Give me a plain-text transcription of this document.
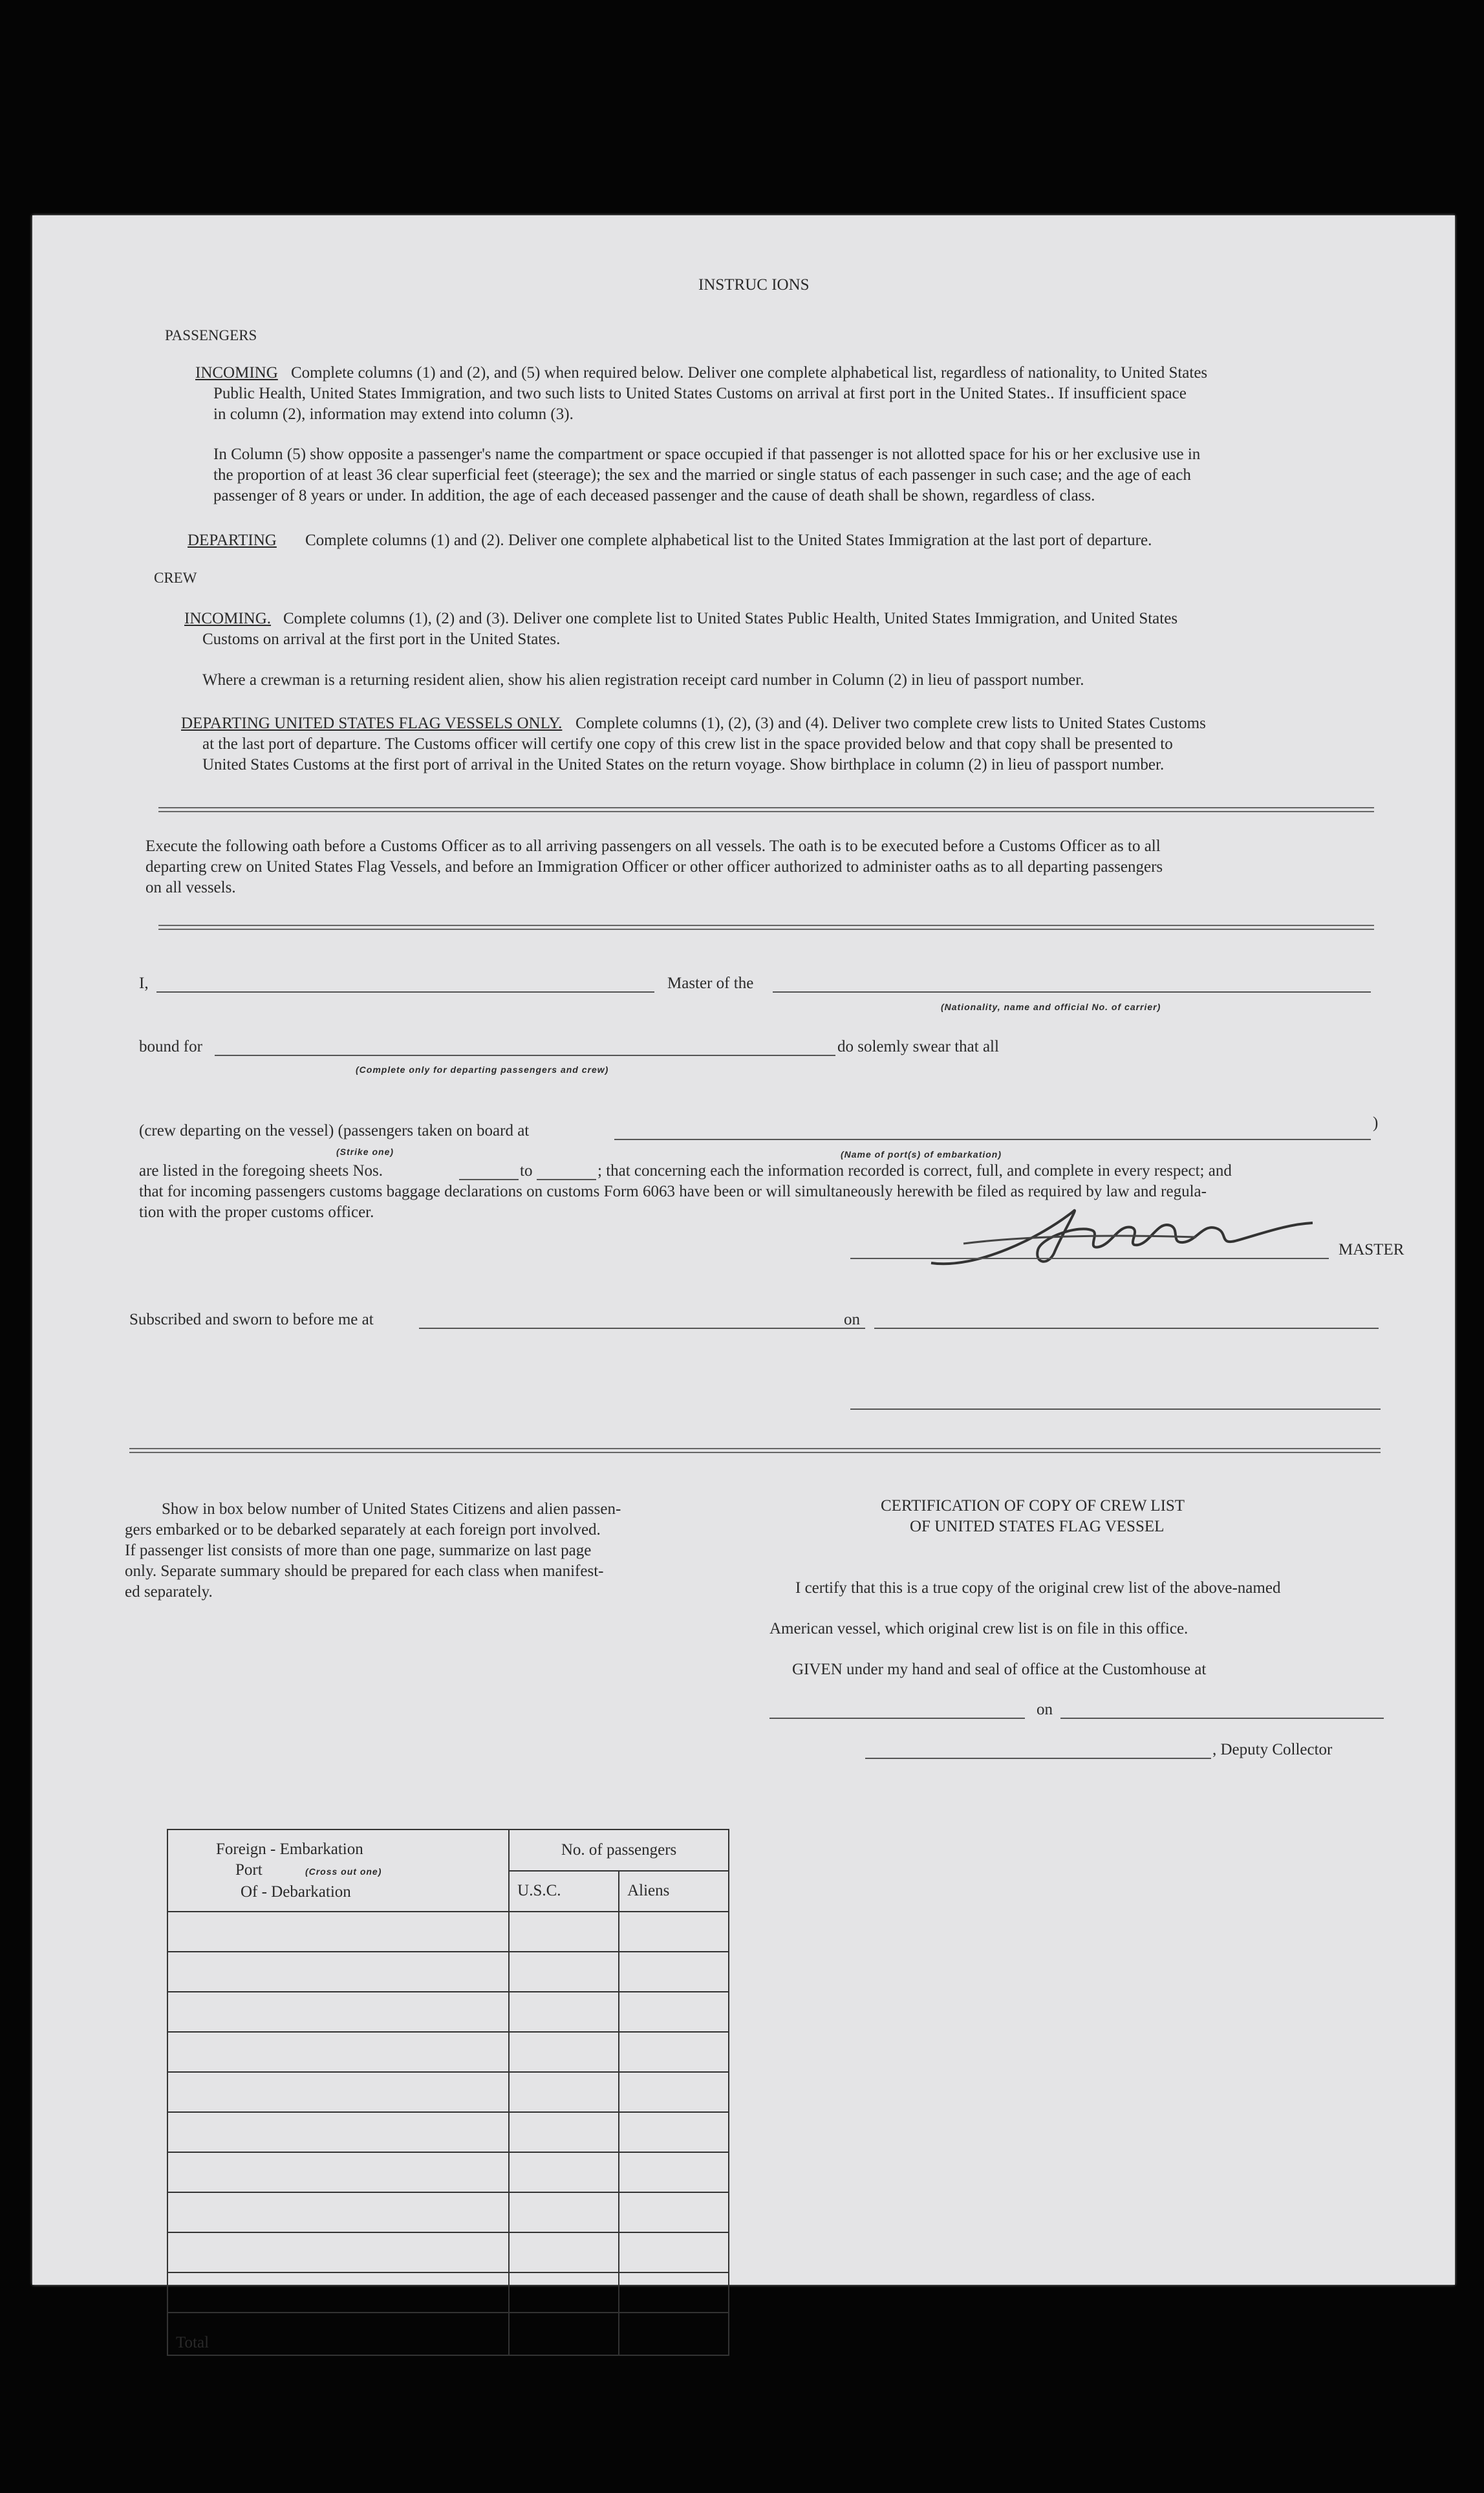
INSTRUC IONS
PASSENGERS
INCOMING Complete columns (1) and (2), and (5) when required below. Deliver one complete alphabetical list, regardless of nationality, to United States
Public Health, United States Immigration, and two such lists to United States Customs on arrival at first port in the United States.. If insufficient space
in column (2), information may extend into column (3).
In Column (5) show opposite a passenger's name the compartment or space occupied if that passenger is not allotted space for his or her exclusive use in
the proportion of at least 36 clear superficial feet (steerage); the sex and the married or single status of each passenger in such case; and the age of each
passenger of 8 years or under. In addition, the age of each deceased passenger and the cause of death shall be shown, regardless of class.
DEPARTING Complete columns (1) and (2). Deliver one complete alphabetical list to the United States Immigration at the last port of departure.
CREW
INCOMING. Complete columns (1), (2) and (3). Deliver one complete list to United States Public Health, United States Immigration, and United States
Customs on arrival at the first port in the United States.
Where a crewman is a returning resident alien, show his alien registration receipt card number in Column (2) in lieu of passport number.
DEPARTING UNITED STATES FLAG VESSELS ONLY. Complete columns (1), (2), (3) and (4). Deliver two complete crew lists to United States Customs
at the last port of departure. The Customs officer will certify one copy of this crew list in the space provided below and that copy shall be presented to
United States Customs at the first port of arrival in the United States on the return voyage. Show birthplace in column (2) in lieu of passport number.
Execute the following oath before a Customs Officer as to all arriving passengers on all vessels. The oath is to be executed before a Customs Officer as to all
departing crew on United States Flag Vessels, and before an Immigration Officer or other officer authorized to administer oaths as to all departing passengers
on all vessels.
I,	Master of the
(Nationality, name and official No. of carrier)
bound for
(Complete only for departing passengers and crew)
do solemly swear that all
(crew departing on the vessel) (passengers taken on board at
(Strike one)	(Name of port(s) of embarkation)
)
are listed in the foregoing sheets Nos.	to	; that concerning each the information recorded is correct, full, and complete in every respect; and
that for incoming passengers customs baggage declarations on customs Form 6063 have been or will simultaneously herewith be filed as required by law and regula-
tion with the proper customs officer.
MASTER
Subscribed and sworn to before me at	on
Show in box below number of United States Citizens and alien passen-
gers embarked or to be debarked separately at each foreign port involved.
If passenger list consists of more than one page, summarize on last page
only. Separate summary should be prepared for each class when manifest-
ed separately.
Foreign - Embarkation
Port (Cross out one)
Of - Debarkation	No. of passengers	
	U.S.C.	Aliens

Total		
CERTIFICATION OF COPY OF CREW LIST
OF UNITED STATES FLAG VESSEL
I certify that this is a true copy of the original crew list of the above-named
American vessel, which original crew list is on file in this office.
GIVEN under my hand and seal of office at the Customhouse at
on
, Deputy Collector
